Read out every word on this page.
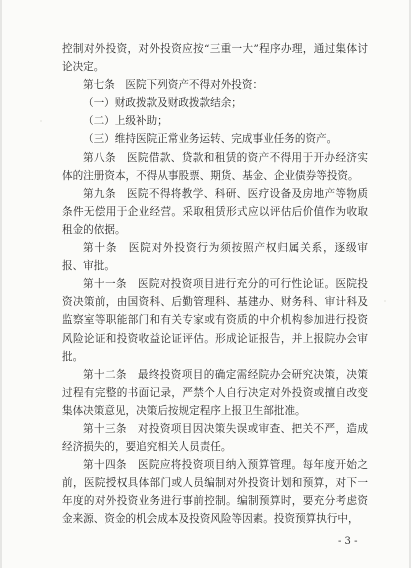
控制对外投资，对外投资应按“三重一大”程序办理，通过集体讨论决定。

第七条　医院下列资产不得对外投资：

（一）财政拨款及财政拨款结余；

（二）上级补助；

（三）维持医院正常业务运转、完成事业任务的资产。

第八条　医院借款、贷款和租赁的资产不得用于开办经济实体的注册资本，不得从事股票、期货、基金、企业债券等投资。

第九条　医院不得将教学、科研、医疗设备及房地产等物质条件无偿用于企业经营。采取租赁形式应以评估后价值作为收取租金的依据。

第十条　医院对外投资行为须按照产权归属关系，逐级审报、审批。

第十一条　医院对投资项目进行充分的可行性论证。医院投资决策前，由国资科、后勤管理科、基建办、财务科、审计科及监察室等职能部门和有关专家或有资质的中介机构参加进行投资风险论证和投资收益论证评估。形成论证报告，并上报院办会审批。

第十二条　最终投资项目的确定需经院办会研究决策，决策过程有完整的书面记录，严禁个人自行决定对外投资或擅自改变集体决策意见，决策后按规定程序上报卫生部批准。

第十三条　对投资项目因决策失误或审查、把关不严，造成经济损失的，要追究相关人员责任。

第十四条　医院应将投资项目纳入预算管理。每年度开始之前，医院授权具体部门或人员编制对外投资计划和预算，对下一年度的对外投资业务进行事前控制。编制预算时，要充分考虑资金来源、资金的机会成本及投资风险等因素。投资预算执行中，

- 3 -
